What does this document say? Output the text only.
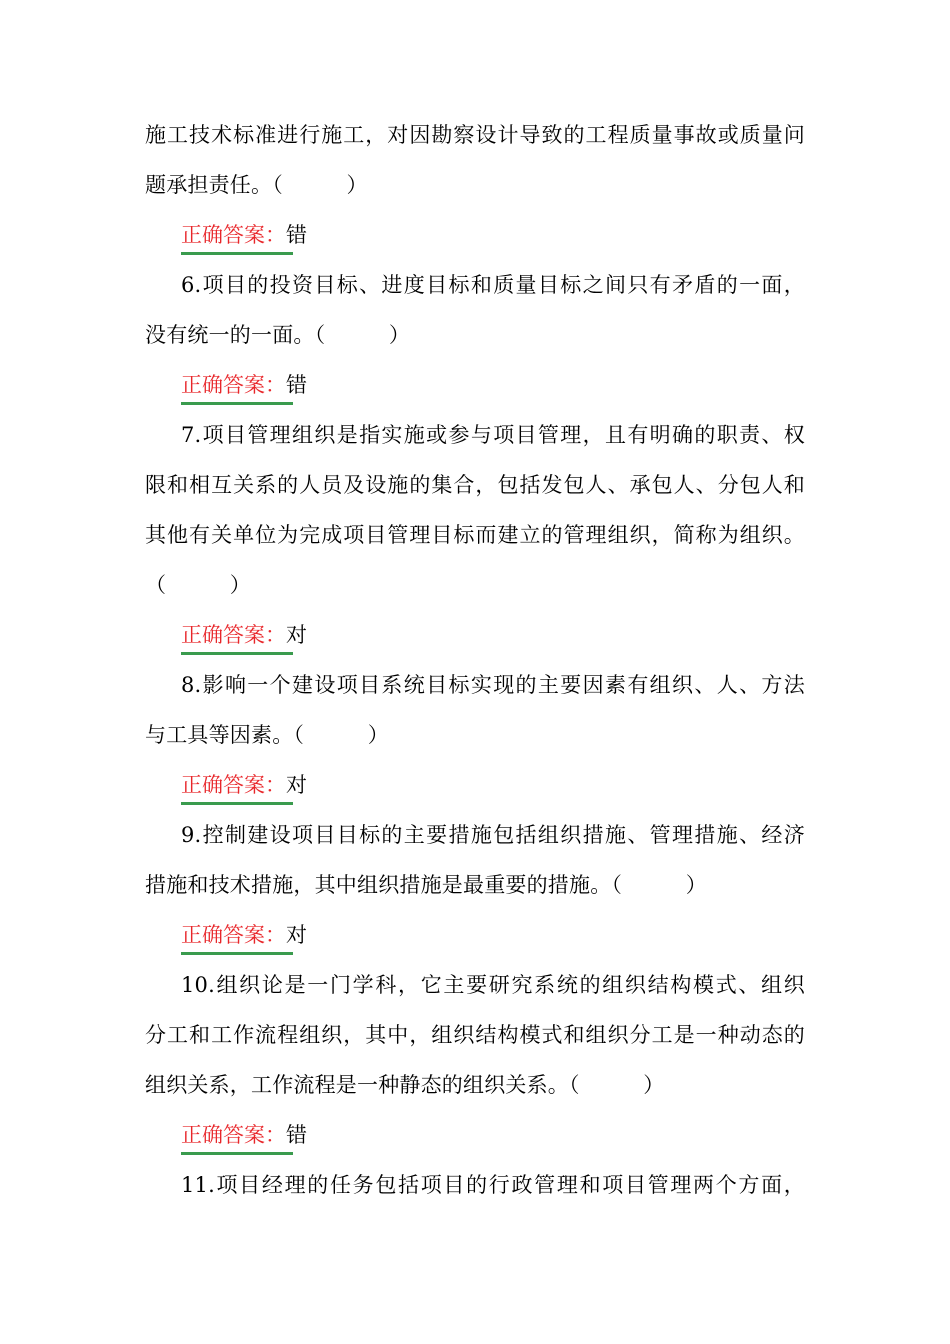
施工技术标准进行施工，对因勘察设计导致的工程质量事故或质量问
题承担责任。（　　　）
正确答案：错
6.项目的投资目标、进度目标和质量目标之间只有矛盾的一面，
没有统一的一面。（　　　）
正确答案：错
7.项目管理组织是指实施或参与项目管理，且有明确的职责、权
限和相互关系的人员及设施的集合，包括发包人、承包人、分包人和
其他有关单位为完成项目管理目标而建立的管理组织，简称为组织。
（　　　）
正确答案：对
8.影响一个建设项目系统目标实现的主要因素有组织、人、方法
与工具等因素。（　　　）
正确答案：对
9.控制建设项目目标的主要措施包括组织措施、管理措施、经济
措施和技术措施，其中组织措施是最重要的措施。（　　　）
正确答案：对
10.组织论是一门学科，它主要研究系统的组织结构模式、组织
分工和工作流程组织，其中，组织结构模式和组织分工是一种动态的
组织关系，工作流程是一种静态的组织关系。（　　　）
正确答案：错
11.项目经理的任务包括项目的行政管理和项目管理两个方面，
